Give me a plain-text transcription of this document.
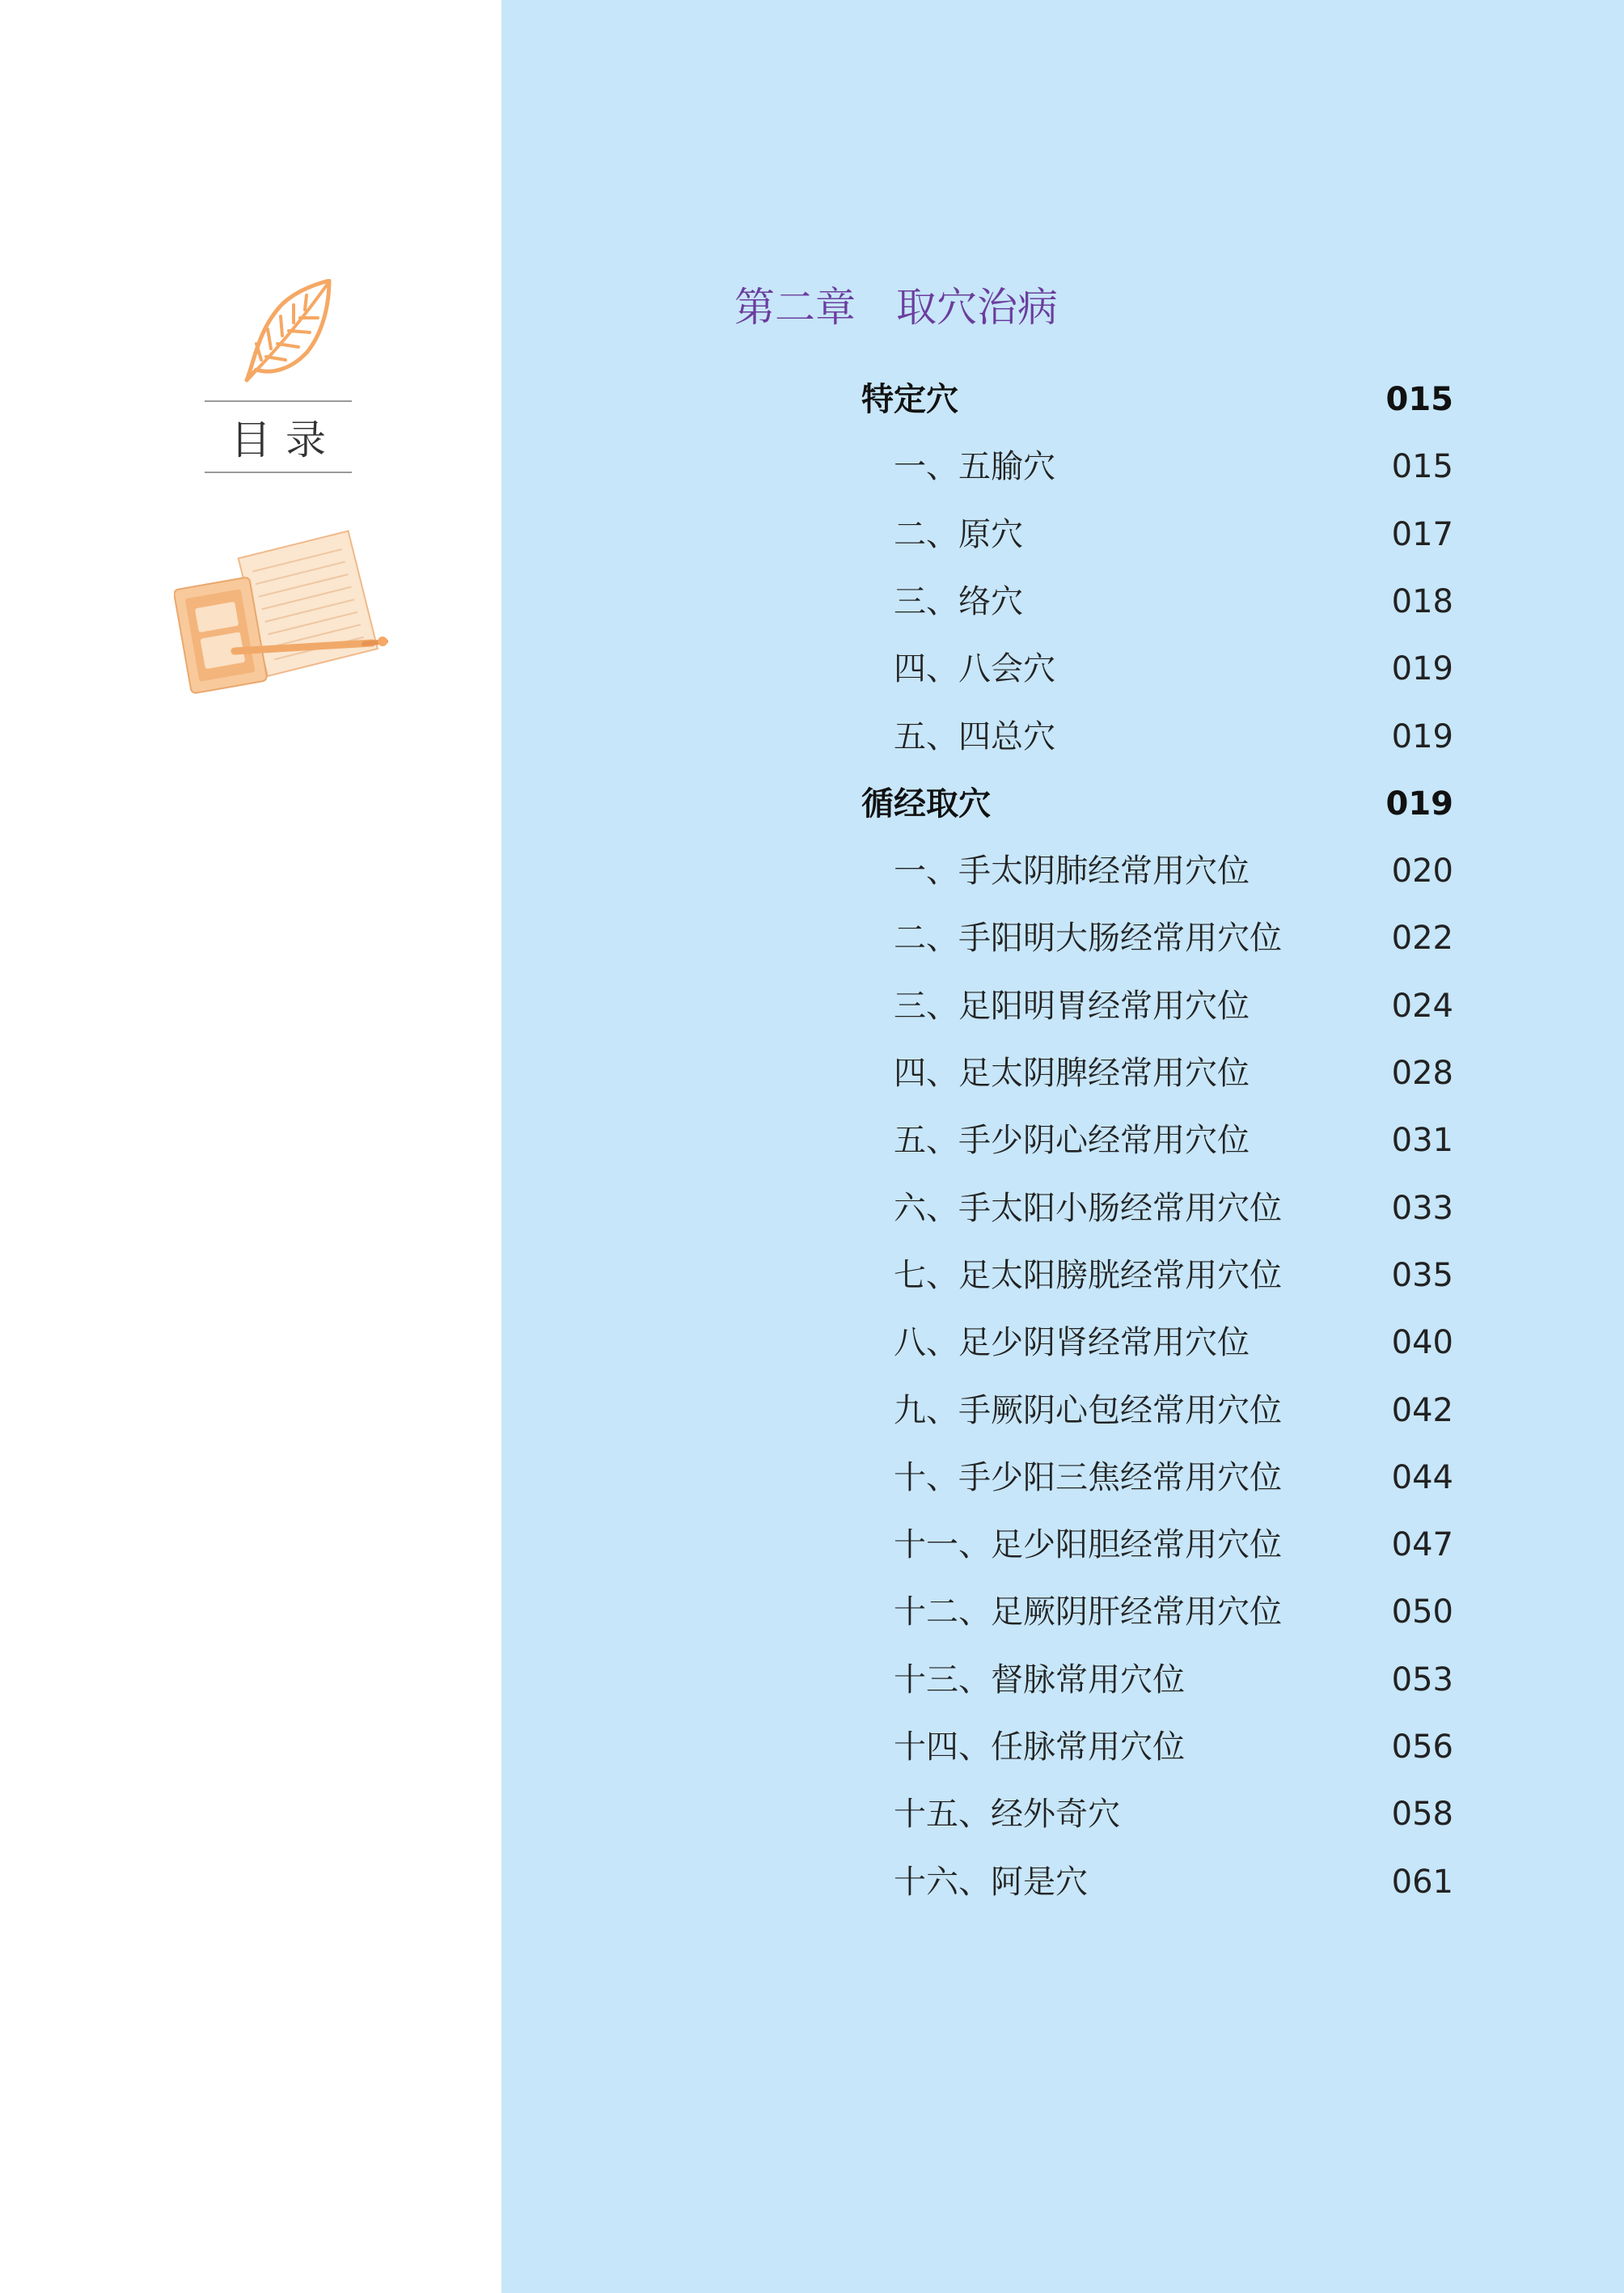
目录
第二章　取穴治病
特定穴	015
一、五腧穴	015
二、原穴	017
三、络穴	018
四、八会穴	019
五、四总穴	019
循经取穴	019
一、手太阴肺经常用穴位	020
二、手阳明大肠经常用穴位	022
三、足阳明胃经常用穴位	024
四、足太阴脾经常用穴位	028
五、手少阴心经常用穴位	031
六、手太阳小肠经常用穴位	033
七、足太阳膀胱经常用穴位	035
八、足少阴肾经常用穴位	040
九、手厥阴心包经常用穴位	042
十、手少阳三焦经常用穴位	044
十一、足少阳胆经常用穴位	047
十二、足厥阴肝经常用穴位	050
十三、督脉常用穴位	053
十四、任脉常用穴位	056
十五、经外奇穴	058
十六、阿是穴	061
